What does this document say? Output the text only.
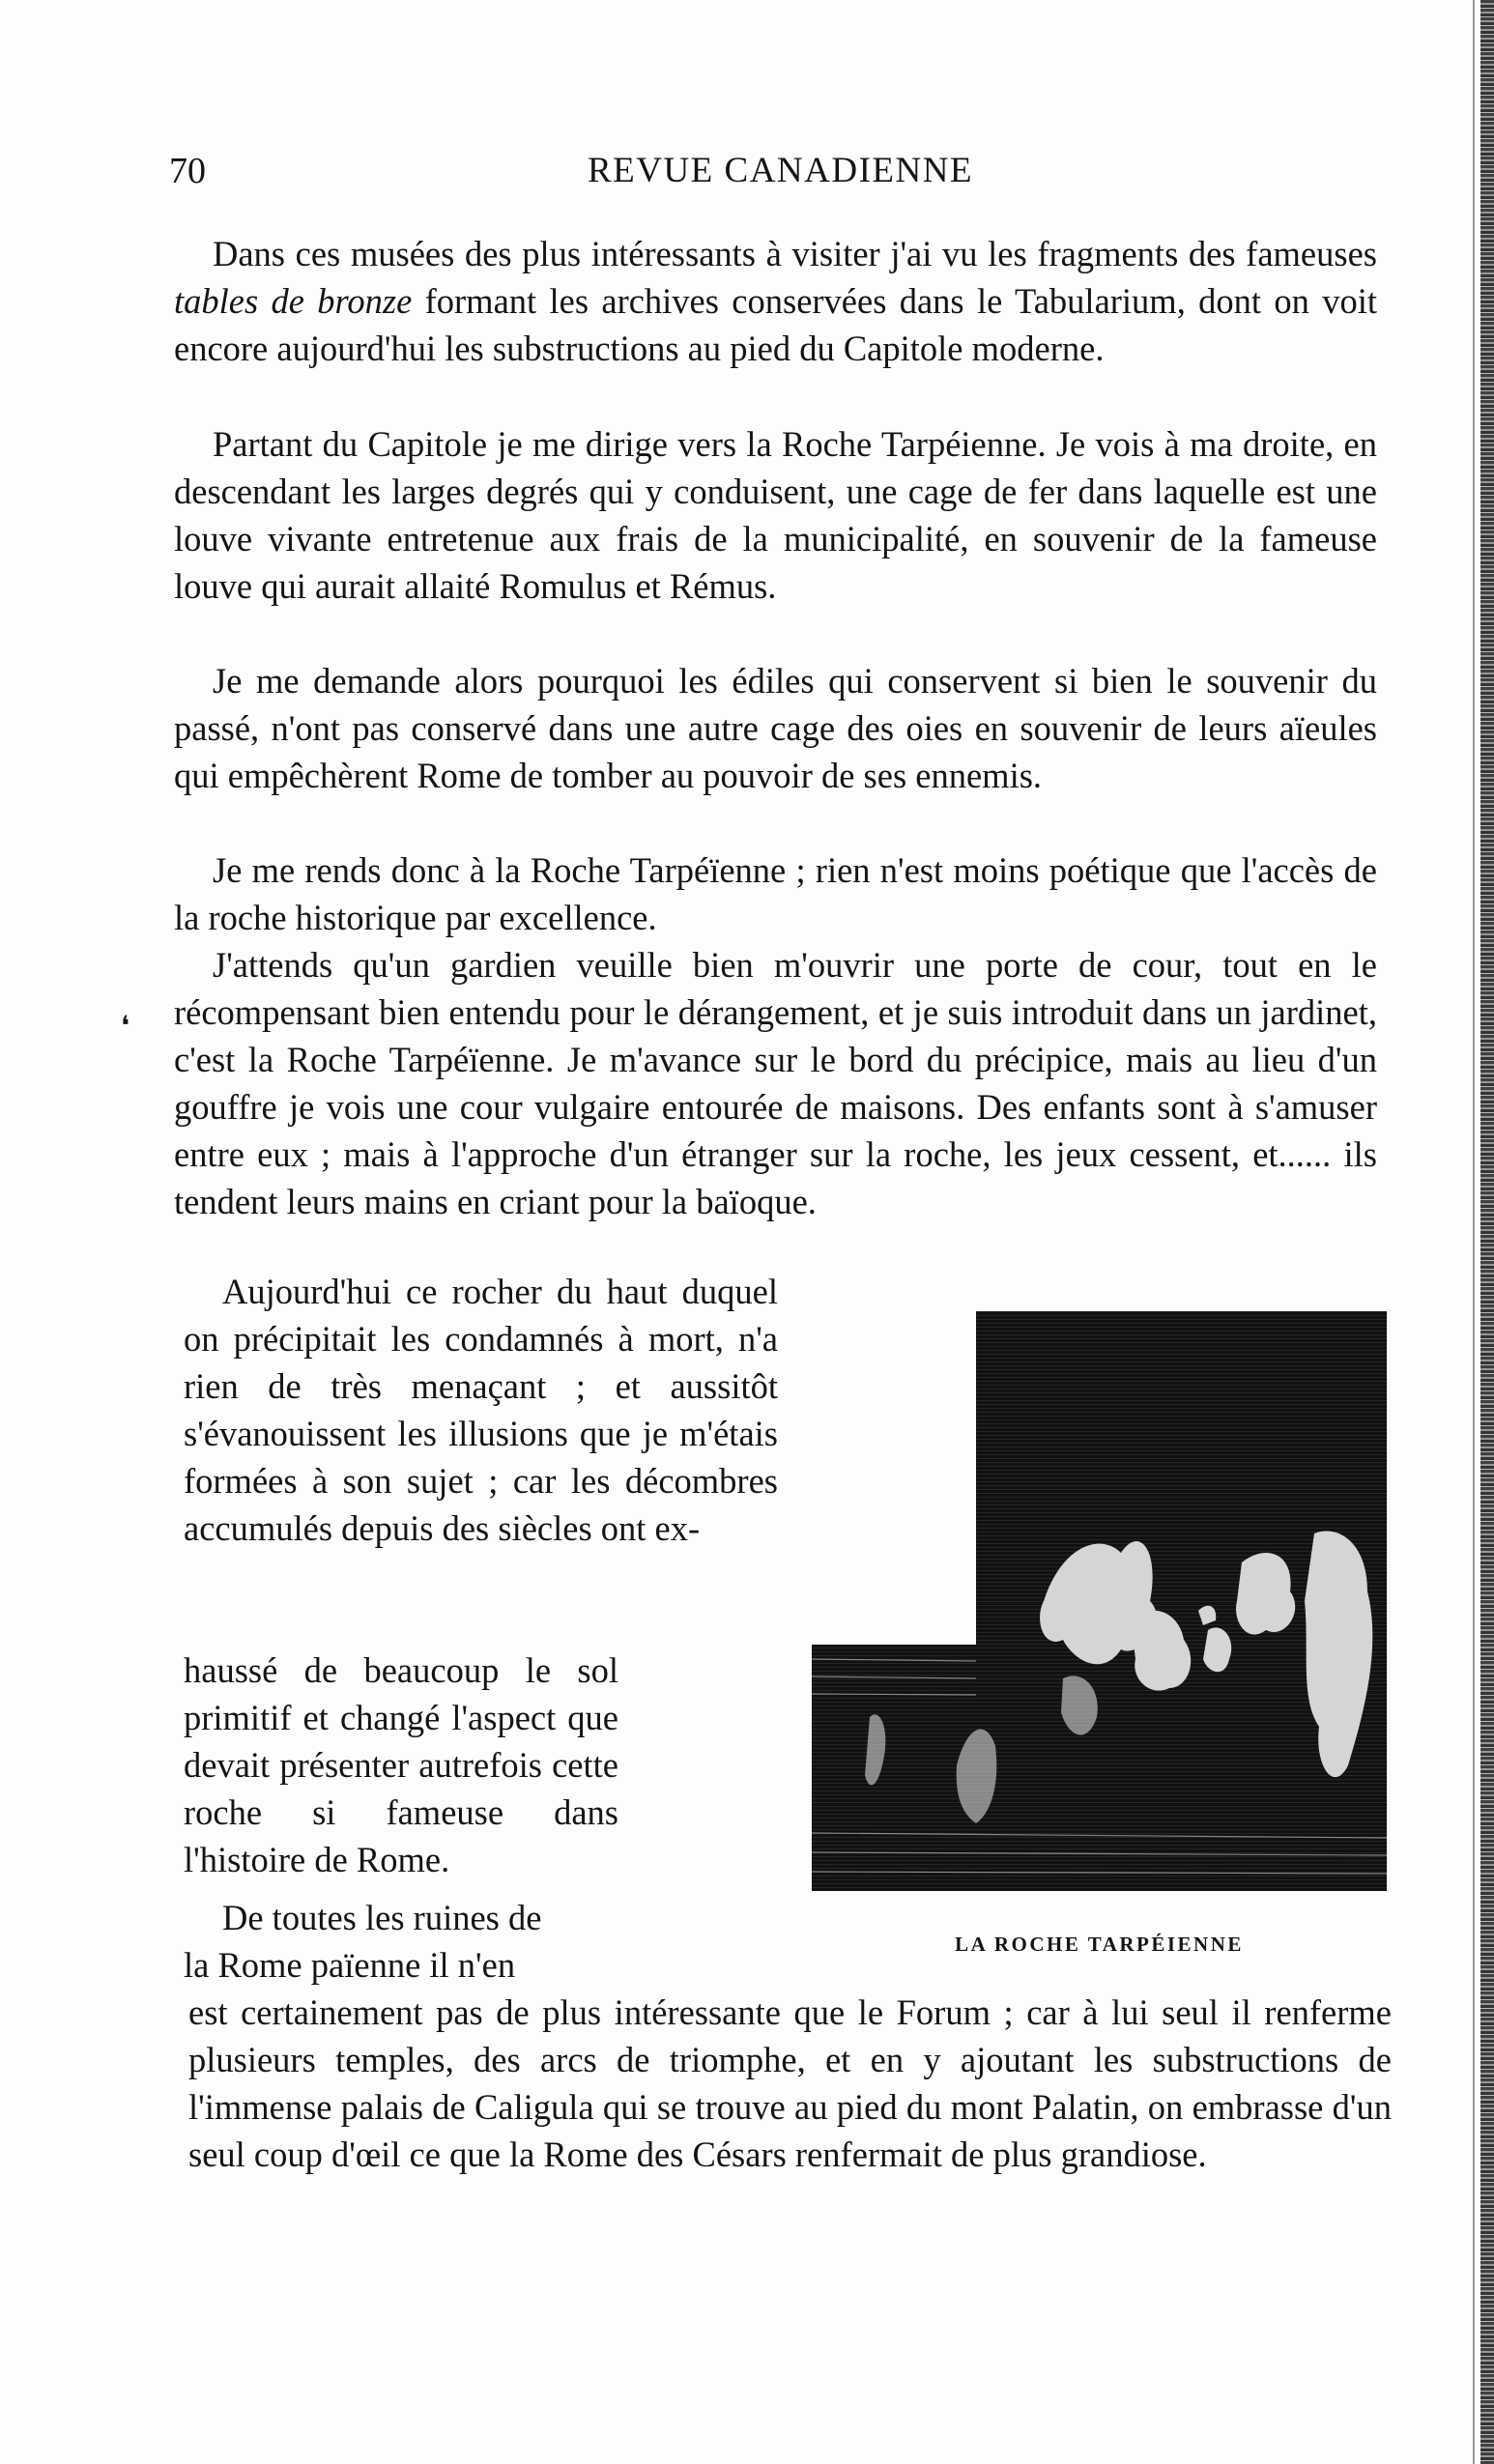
70	REVUE CANADIENNE

Dans ces musées des plus intéressants à visiter j'ai vu les fragments des fameuses tables de bronze formant les archives conservées dans le Tabularium, dont on voit encore aujourd'hui les substructions au pied du Capitole moderne.

Partant du Capitole je me dirige vers la Roche Tarpéienne. Je vois à ma droite, en descendant les larges degrés qui y conduisent, une cage de fer dans laquelle est une louve vivante entretenue aux frais de la municipalité, en souvenir de la fameuse louve qui aurait allaité Romulus et Rémus.

Je me demande alors pourquoi les édiles qui conservent si bien le souvenir du passé, n'ont pas conservé dans une autre cage des oies en souvenir de leurs aïeules qui empêchèrent Rome de tomber au pouvoir de ses ennemis.

Je me rends donc à la Roche Tarpéïenne ; rien n'est moins poétique que l'accès de la roche historique par excellence.

J'attends qu'un gardien veuille bien m'ouvrir une porte de cour, tout en le récompensant bien entendu pour le dérangement, et je suis introduit dans un jardinet, c'est la Roche Tarpéïenne. Je m'avance sur le bord du précipice, mais au lieu d'un gouffre je vois une cour vulgaire entourée de maisons. Des enfants sont à s'amuser entre eux ; mais à l'approche d'un étranger sur la roche, les jeux cessent, et...... ils tendent leurs mains en criant pour la baïoque.

❛

Aujourd'hui ce rocher du haut duquel on précipitait les condamnés à mort, n'a rien de très menaçant ; et aussitôt s'évanouissent les illusions que je m'étais formées à son sujet ; car les décombres accumulés depuis des siècles ont ex-

haussé de beaucoup le sol primitif et changé l'aspect que devait présenter autrefois cette roche si fameuse dans l'histoire de Rome.

De toutes les ruines de
la Rome païenne il n'en
est certainement pas de plus intéressante que le Forum ; car à lui seul il renferme plusieurs temples, des arcs de triomphe, et en y ajoutant les substructions de l'immense palais de Caligula qui se trouve au pied du mont Palatin, on embrasse d'un seul coup d'œil ce que la Rome des Césars renfermait de plus grandiose.
LA ROCHE TARPÉIENNE
